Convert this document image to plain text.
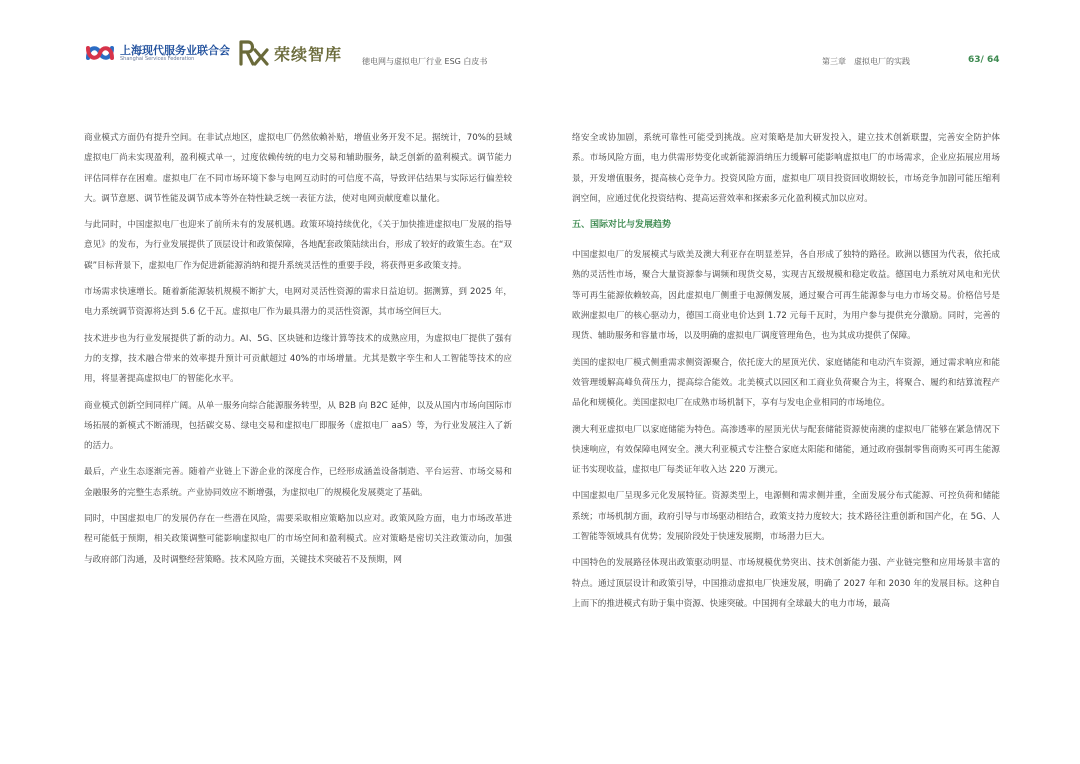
上海现代服务业联合会
Shanghai Services Federation	荣续智库 徳电网与虚拟电厂行业 ESG 白皮书	第三章　虚拟电厂的实践	63/ 64

商业模式方面仍有提升空间。在非试点地区，虚拟电厂仍然依赖补贴，增值业务开发不足。据统计，70%的县域虚拟电厂尚未实现盈利，盈利模式单一，过度依赖传统的电力交易和辅助服务，缺乏创新的盈利模式。调节能力评估同样存在困难。虚拟电厂在不同市场环境下参与电网互动时的可信度不高，导致评估结果与实际运行偏差较大。调节意愿、调节性能及调节成本等外在特性缺乏统一表征方法，使对电网贡献度难以量化。

与此同时，中国虚拟电厂也迎来了前所未有的发展机遇。政策环境持续优化，《关于加快推进虚拟电厂发展的指导意见》的发布，为行业发展提供了顶层设计和政策保障，各地配套政策陆续出台，形成了较好的政策生态。在“双碳”目标背景下，虚拟电厂作为促进新能源消纳和提升系统灵活性的重要手段，将获得更多政策支持。

市场需求快速增长。随着新能源装机规模不断扩大，电网对灵活性资源的需求日益迫切。据测算，到 2025 年，电力系统调节资源将达到 5.6 亿千瓦。虚拟电厂作为最具潜力的灵活性资源，其市场空间巨大。

技术进步也为行业发展提供了新的动力。AI、5G、区块链和边缘计算等技术的成熟应用，为虚拟电厂提供了强有力的支撑，技术融合带来的效率提升预计可贡献超过 40%的市场增量。尤其是数字孪生和人工智能等技术的应用，将显著提高虚拟电厂的智能化水平。

商业模式创新空间同样广阔。从单一服务向综合能源服务转型，从 B2B 向 B2C 延伸，以及从国内市场向国际市场拓展的新模式不断涌现，包括碳交易、绿电交易和虚拟电厂即服务（虚拟电厂 aaS）等，为行业发展注入了新的活力。

最后，产业生态逐渐完善。随着产业链上下游企业的深度合作，已经形成涵盖设备制造、平台运营、市场交易和金融服务的完整生态系统。产业协同效应不断增强，为虚拟电厂的规模化发展奠定了基础。

同时，中国虚拟电厂的发展仍存在一些潜在风险，需要采取相应策略加以应对。政策风险方面，电力市场改革进程可能低于预期，相关政策调整可能影响虚拟电厂的市场空间和盈利模式。应对策略是密切关注政策动向，加强与政府部门沟通，及时调整经营策略。技术风险方面，关键技术突破若不及预期，网

络安全或协加剧，系统可靠性可能受到挑战。应对策略是加大研发投入，建立技术创新联盟，完善安全防护体系。市场风险方面，电力供需形势变化或新能源消纳压力缓解可能影响虚拟电厂的市场需求，企业应拓展应用场景，开发增值服务，提高核心竞争力。投资风险方面，虚拟电厂项目投资回收期较长，市场竞争加剧可能压缩利润空间，应通过优化投资结构、提高运营效率和探索多元化盈利模式加以应对。

五、国际对比与发展趋势

中国虚拟电厂的发展模式与欧美及澳大利亚存在明显差异，各自形成了独特的路径。欧洲以德国为代表，依托成熟的灵活性市场，聚合大量资源参与调频和现货交易，实现吉瓦级规模和稳定收益。德国电力系统对风电和光伏等可再生能源依赖较高，因此虚拟电厂侧重于电源侧发展，通过聚合可再生能源参与电力市场交易。价格信号是欧洲虚拟电厂的核心驱动力，德国工商业电价达到 1.72 元每千瓦时，为用户参与提供充分激励。同时，完善的现货、辅助服务和容量市场，以及明确的虚拟电厂调度管理角色，也为其成功提供了保障。

美国的虚拟电厂模式侧重需求侧资源聚合，依托庞大的屋顶光伏、家庭储能和电动汽车资源，通过需求响应和能效管理缓解高峰负荷压力，提高综合能效。北美模式以园区和工商业负荷聚合为主，将聚合、履约和结算流程产品化和规模化。美国虚拟电厂在成熟市场机制下，享有与发电企业相同的市场地位。

澳大利亚虚拟电厂以家庭储能为特色。高渗透率的屋顶光伏与配套储能资源使南澳的虚拟电厂能够在紧急情况下快速响应，有效保障电网安全。澳大利亚模式专注整合家庭太阳能和储能，通过政府强制零售商购买可再生能源证书实现收益，虚拟电厂每类证年收入达 220 万澳元。

中国虚拟电厂呈现多元化发展特征。资源类型上，电源侧和需求侧并重，全面发展分布式能源、可控负荷和储能系统；市场机制方面，政府引导与市场驱动相结合，政策支持力度较大；技术路径注重创新和国产化，在 5G、人工智能等领域具有优势；发展阶段处于快速发展期，市场潜力巨大。

中国特色的发展路径体现出政策驱动明显、市场规模优势突出、技术创新能力强、产业链完整和应用场景丰富的特点。通过顶层设计和政策引导，中国推动虚拟电厂快速发展，明确了 2027 年和 2030 年的发展目标。这种自上而下的推进模式有助于集中资源、快速突破。中国拥有全球最大的电力市场，最高
